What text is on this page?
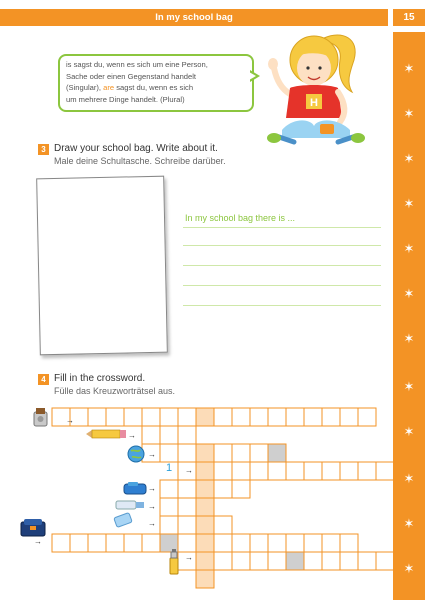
In my school bag	15
✶
✶
✶
✶
✶
✶
✶
✶
✶
✶
✶
✶
is sagst du, wenn es sich um eine Person,
Sache oder einen Gegenstand handelt
(Singular), are sagst du, wenn es sich
um mehrere Dinge handelt. (Plural)	H
3 Draw your school bag. Write about it.
Male deine Schultasche. Schreibe darüber.
In my school bag there is ...
4 Fill in the crossword.
Fülle das Kreuzworträtsel aus.
1
→
→
→
→
→
→
→
→
→
